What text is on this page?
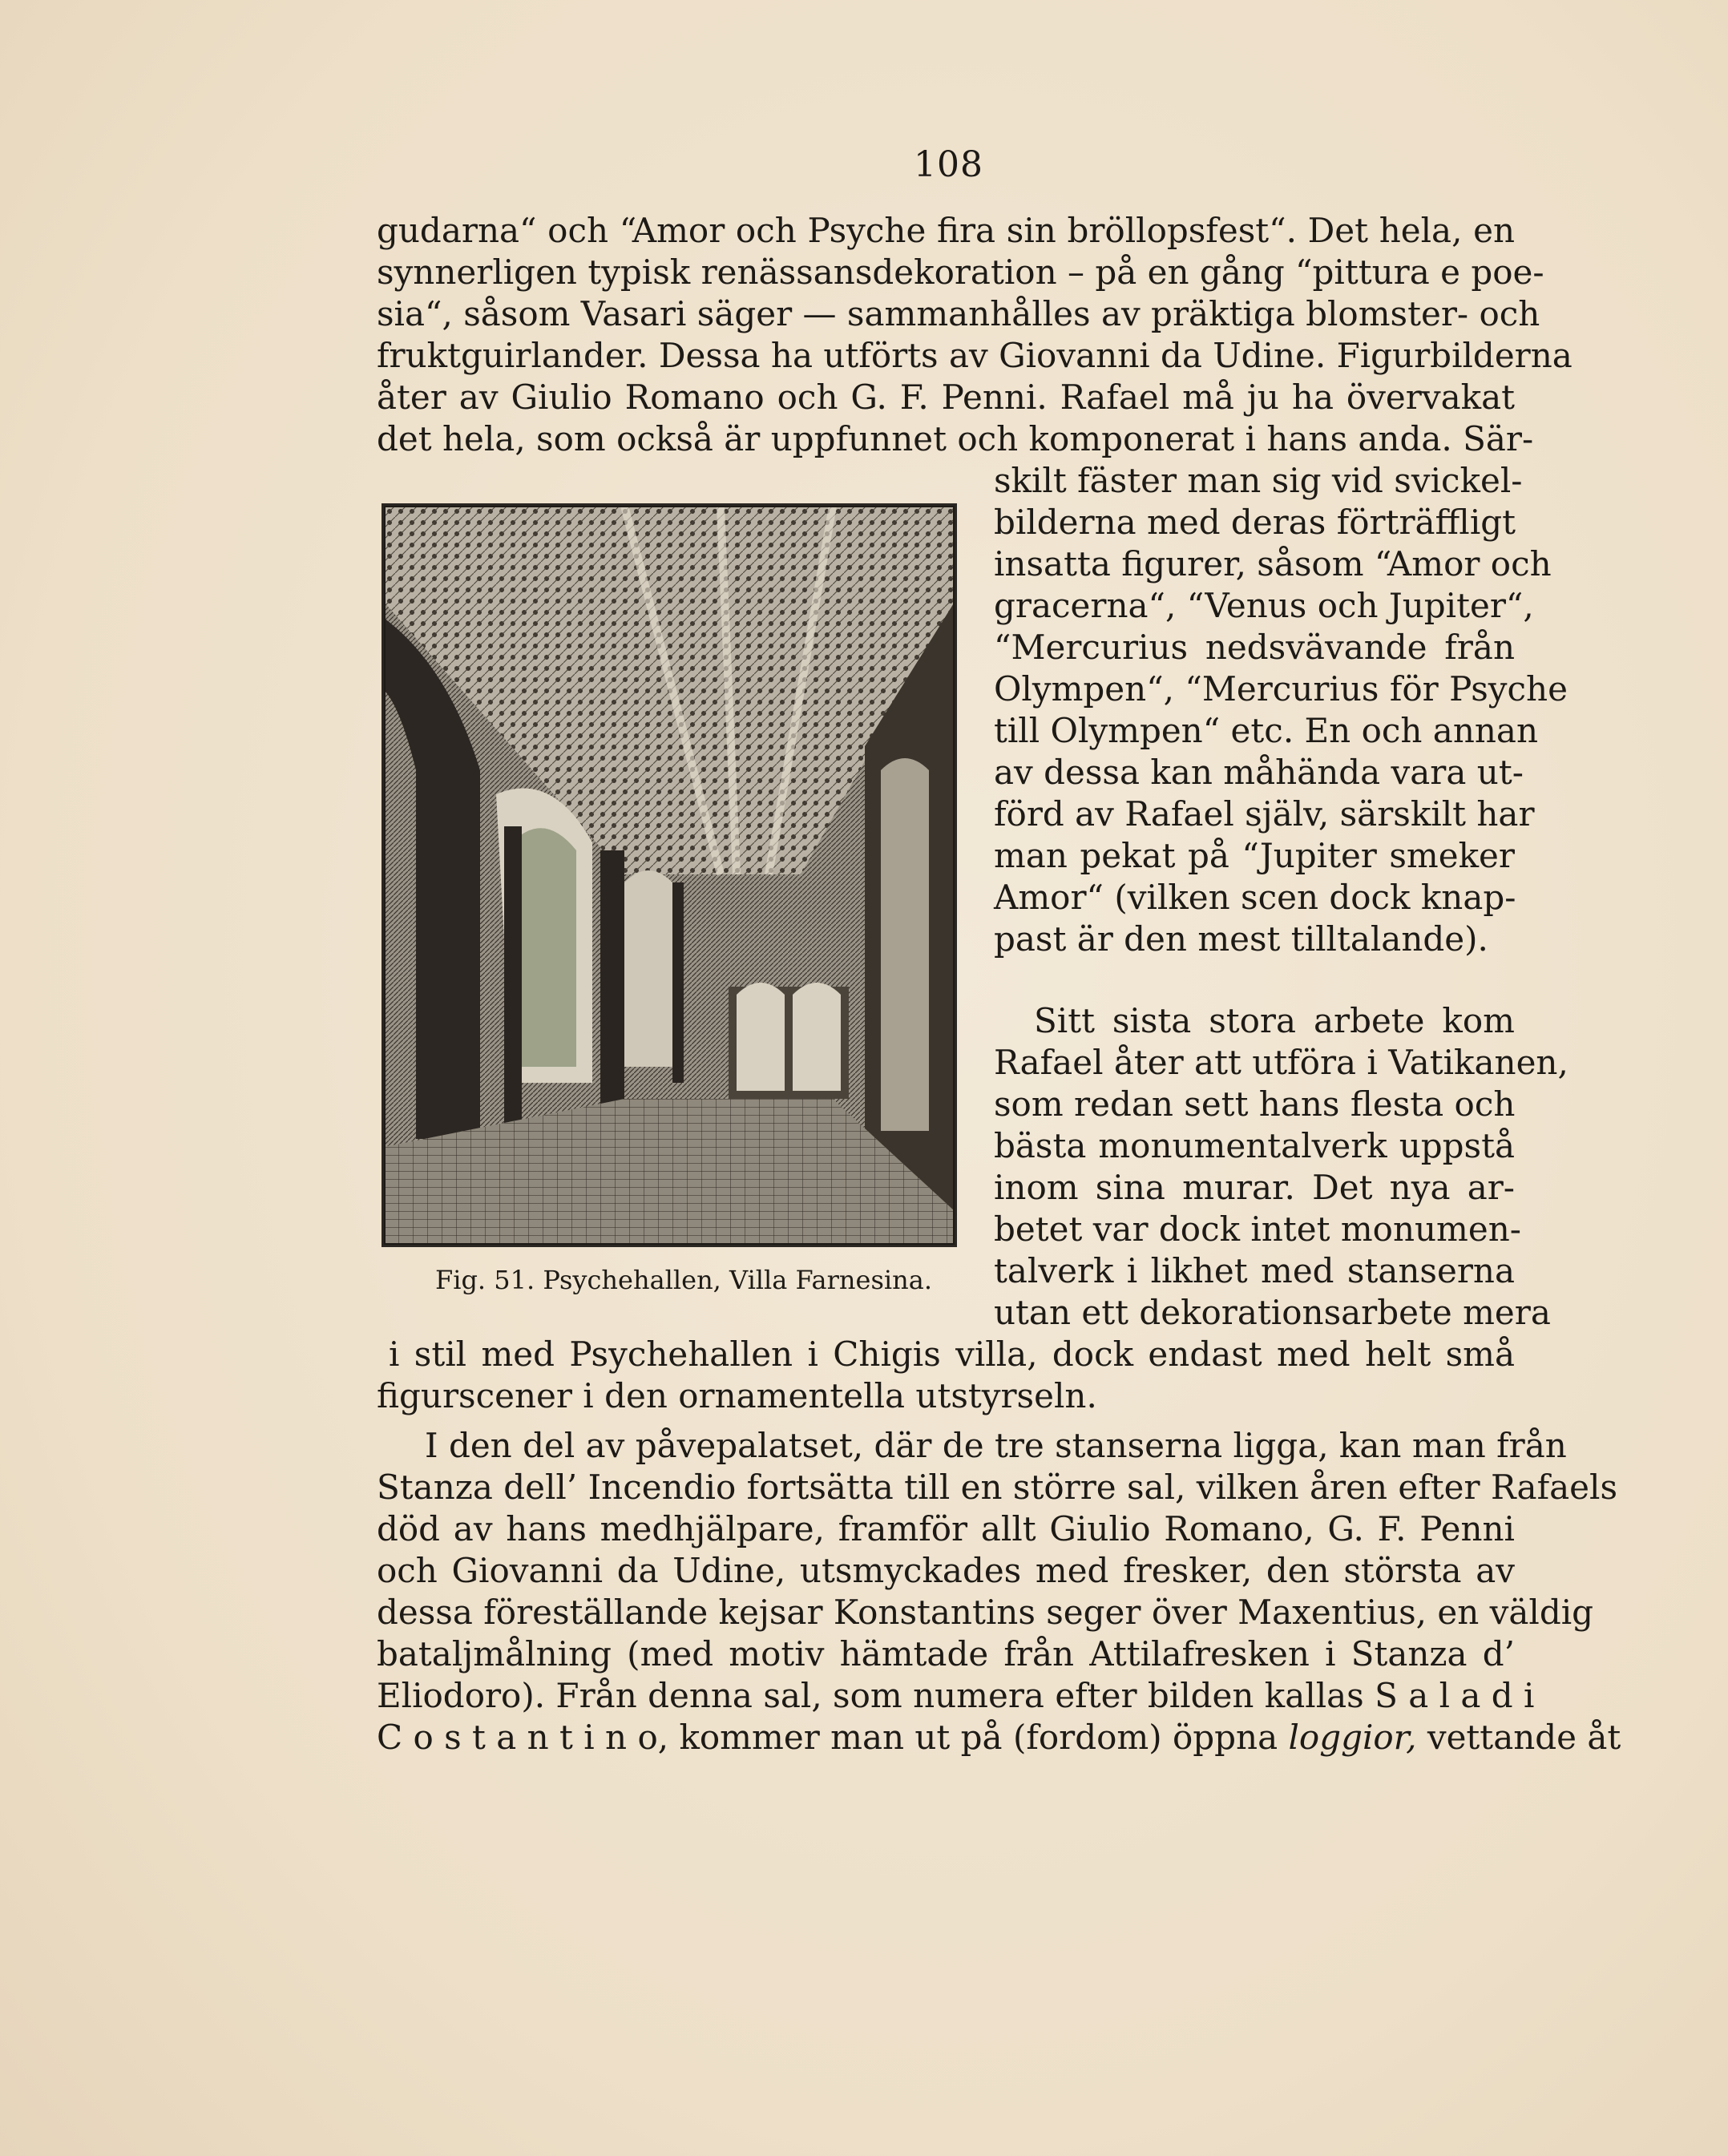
108
gudarna“ och “Amor och Psyche fira sin bröllopsfest“. Det hela, en
synnerligen typisk renässansdekoration – på en gång “pittura e poe-
sia“, såsom Vasari säger — sammanhålles av präktiga blomster- och
fruktguirlander. Dessa ha utförts av Giovanni da Udine. Figurbilderna
åter av Giulio Romano och G. F. Penni. Rafael må ju ha övervakat
det hela, som också är uppfunnet och komponerat i hans anda. Sär-
skilt fäster man sig vid svickel-
bilderna med deras förträffligt
insatta figurer, såsom “Amor och
gracerna“, “Venus och Jupiter“,
“Mercurius nedsvävande från
Olympen“, “Mercurius för Psyche
till Olympen“ etc. En och annan
av dessa kan måhända vara ut-
förd av Rafael själv, särskilt har
man pekat på “Jupiter smeker
Amor“ (vilken scen dock knap-
past är den mest tilltalande).
Sitt sista stora arbete kom
Rafael åter att utföra i Vatikanen,
som redan sett hans flesta och
bästa monumentalverk uppstå
inom sina murar. Det nya ar-
betet var dock intet monumen-
talverk i likhet med stanserna
utan ett dekorationsarbete mera
i stil med Psychehallen i Chigis villa, dock endast med helt små
figurscener i den ornamentella utstyrseln.
I den del av påvepalatset, där de tre stanserna ligga, kan man från
Stanza dell’ Incendio fortsätta till en större sal, vilken åren efter Rafaels
död av hans medhjälpare, framför allt Giulio Romano, G. F. Penni
och Giovanni da Udine, utsmyckades med fresker, den största av
dessa föreställande kejsar Konstantins seger över Maxentius, en väldig
bataljmålning (med motiv hämtade från Attilafresken i Stanza d’
Eliodoro). Från denna sal, som numera efter bilden kallas S a l a d i
C o s t a n t i n o, kommer man ut på (fordom) öppna loggior, vettande åt
Fig. 51. Psychehallen, Villa Farnesina.
